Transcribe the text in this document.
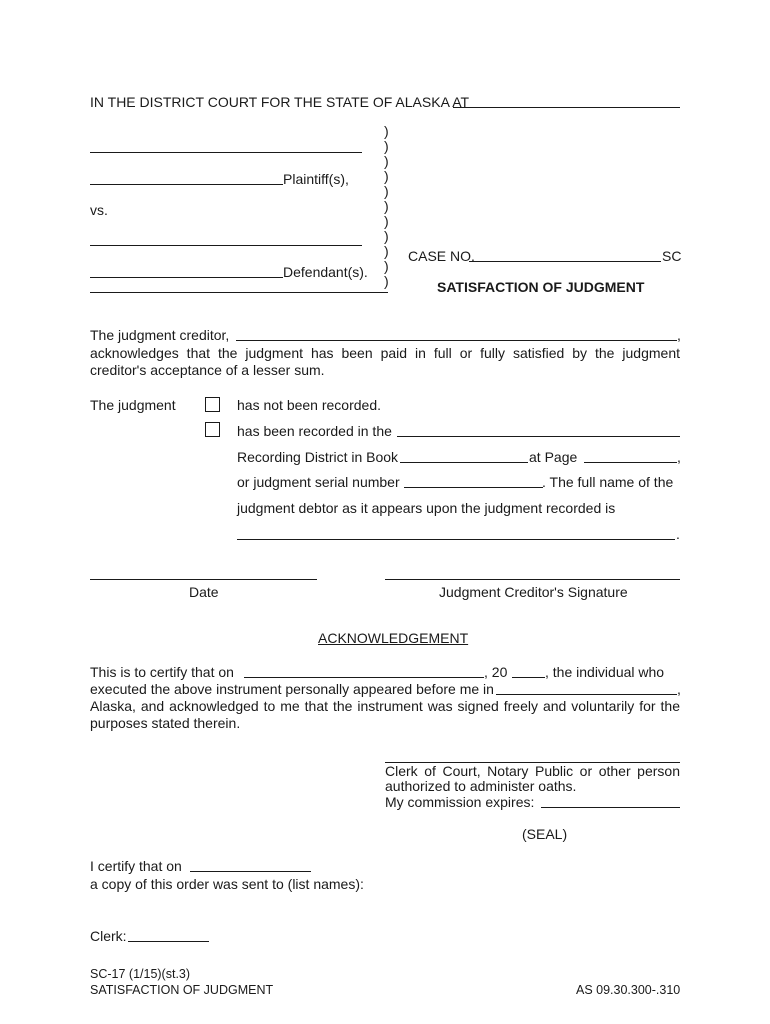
IN THE DISTRICT COURT FOR THE STATE OF ALASKA AT
Plaintiff(s),
vs.
Defendant(s).
)
)
)
)
)
)
)
)
)
)
)
CASE NO.	SC
SATISFACTION OF JUDGMENT
The judgment creditor,	,
acknowledges that the judgment has been paid in full or fully satisfied by the judgment
creditor's acceptance of a lesser sum.
The judgment	has not been recorded.
has been recorded in the
Recording District in Book	at Page	,
or judgment serial number	. The full name of the
judgment debtor as it appears upon the judgment recorded is
.
Date	Judgment Creditor's Signature
ACKNOWLEDGEMENT
This is to certify that on	, 20	, the individual who
executed the above instrument personally appeared before me in	,
Alaska, and acknowledged to me that the instrument was signed freely and voluntarily for the
purposes stated therein.
Clerk of Court, Notary Public or other person
authorized to administer oaths.
My commission expires:
(SEAL)
I certify that on
a copy of this order was sent to (list names):
Clerk:
SC-17 (1/15)(st.3)
SATISFACTION OF JUDGMENT	AS 09.30.300-.310
